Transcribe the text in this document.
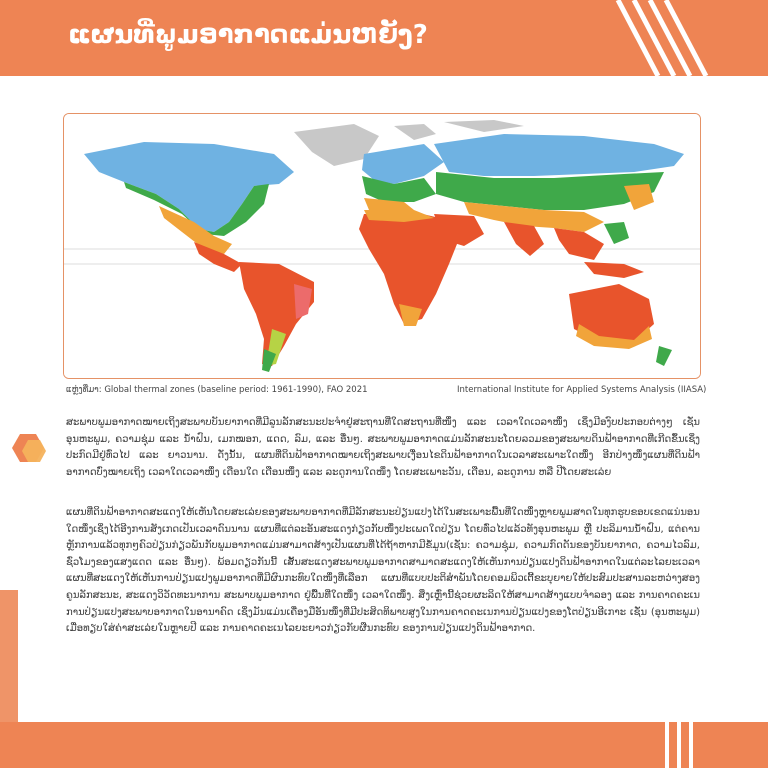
ແຜນທີ່ພູມອາກາດແມ່ນຫຍັງ?
ແຫຼ່ງທີ່ມາ: Global thermal zones (baseline period: 1961-1990), FAO 2021	International Institute for Applied Systems Analysis (IIASA)

ສະພາບພູມອາກາດໝາຍເຖິງສະພາບບັນຍາກາດທີ່ມີລູນລັກສະນະປະຈຳຢູ່ສະຖານທີ່ໃດສະຖານທີ່ໜຶ່ງ ແລະ ເວລາໃດເວລາໜຶ່ງ ເຊິ່ງມີອງົບປະກອບຕ່າງໆ ເຊັ່ນ ອຸນຫະພູມ, ຄວາມຊຸ່ມ ແລະ ນ້ຳຝົນ, ເມກໝອກ, ແດດ, ລົມ, ແລະ ອື່ນໆ. ສະພາບພູມອາກາດແມ່ນລັກສະນະໂດຍລວມຂອງສະພາບດິນຟ້າອາກາດທີ່ເກີດຂຶ້ນເຊິ່ງປະກົດມີຢູ່ທົ່ວໄປ ແລະ ຍາວນານ. ດັ່ງນັ້ນ, ແຜນທີ່ດິນຟ້າອາກາດໝາຍເຖິງສະພາບເງື່ອນໄຂດິນຟ້າອາກາດໃນເວລາສະເພາະໃດໜຶ່ງ ອີກປ່າງໜຶ່ງແຜນທີ່ດິນຟ້າອາກາດບົ່ງໝາຍເຖິງ ເວລາໃດເວລາໜຶ່ງ ເດືອນໃດ ເດືອນໜຶ່ງ ແລະ ລະດູການໃດໜຶ່ງ ໂດຍສະເພາະວັນ, ເດືອນ, ລະດູການ ຫລື ປີໂດຍສະເລ່ຍ

ແຜນທີ່ດິນຟ້າອາກາດສະແດງໃຫ້ເຫັນໂດຍສະເລ່ຍຂອງສະພາບອາກາດທີ່ມີລັກສະນະປ່ຽນແປງໄດ້ໃນສະເພາະພື້ນທີ່ໃດໜຶ່ງຫຼາຍພູມສາດໃນທຸກຮູບຂອບເຂດແນ່ນອນໃດໜຶ່ງເຊິ່ງໄດ້ອີງການສັງເກດເປັນເວລາດົນນານ ແຜນທີ່ແຕ່ລະອັນສະແດງກ່ຽວກັບໜຶ່ງປະເພດໃດປ່ຽນ ໂດຍທົ່ວໄປແລ້ວທັງອຸນຫະພູມ ຫຼື ປະລິມານນ້ຳຝົນ, ແຕ່ຄານຫຼັກການແລ້ວທຸກໆຄົວປ່ຽນກ່ຽວພັນກັບພູມອາກາດແມ່ນສາມາດສ້າງເປັນແຜນທີ່ໄດ້ຖ້າຫາກມີຂໍ້ມູນ(ເຊັ່ນ: ຄວາມຊຸ່ມ, ຄວາມກົດດັນຂອງບັນຍາກາດ, ຄວາມໄວລົມ, ຊົ່ວໂມງຂອງແສງແດດ ແລະ ອື່ນໆ). ພ້ອມດຽວກັນນີ້ ເສັ້ນສະແດງສະພາບພູມອາກາດສາມາດສະແດງໃຫ້ເຫັນການປ່ຽນແປງດິນຟ້າອາກາດໃນແຕ່ລະໄລຍະເວລາ ແຜນທີ່ສະແດງໃຫ້ເຫັນການປ່ຽນແປງພູມອາກາດທີ່ມີຜົນກະທົບໃດໜຶ່ງທີ່ເລືອກ ແຜນທີ່ແບບປະຕິສຳພັນໂດຍຄອມພິວເຕີ້ຂະບຸຍາຍໃຫ້ປະສົມປະສານລະຫວ່າງສອງຄູນລັກສະນະ, ສະແດງວິວັດທະນາການ ສະພາບພູມອາກາດ ຢູ່ພື້ນທີ່ໃດໜຶ່ງ ເວລາໃດໜຶ່ງ. ສິ່ງເຫຼົ່ານີ້ຊ່ວຍຜະລິດໃຫ້ສາມາດສ້າງແບບຈຳລອງ ແລະ ການຄາດຄະເນ ການປ່ຽນແປງສະພາບອາກາດໃນອານາຄົດ ເຊິ່ງມັນແມ່ນເຄື່ອງມືອັນໜຶ່ງທີ່ມີປະສິດທິພາບສູງໃນການຄາດຄະເນການປ່ຽນແປງຂອງໂຕປ່ຽນອີເກາະ ເຊັ່ນ (ອຸນຫະພູມ) ເມື່ອທຽບໃສ່ຄ່າສະເລ່ຍໃນຫຼາຍປີ ແລະ ການຄາດຄະເນໄລຍະຍາວກ່ຽວກັບຜືນກະທົບ ຂອງການປ່ຽນແປງດິນຟ້າອາກາດ.
